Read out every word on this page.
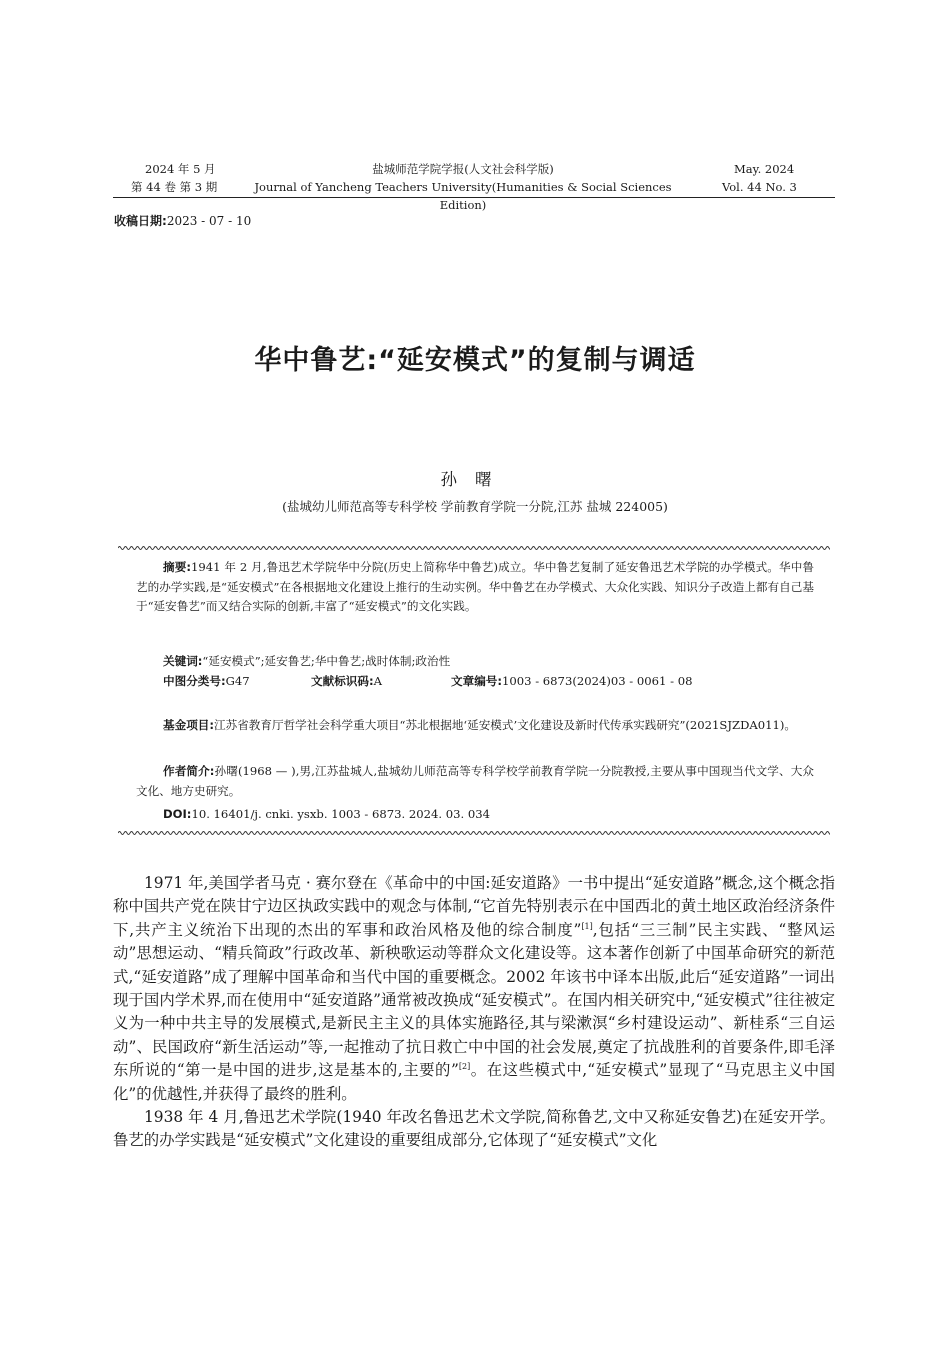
2024 年 5 月
第 44 卷 第 3 期
盐城师范学院学报(人文社会科学版)
Journal of Yancheng Teachers University(Humanities & Social Sciences Edition)
May. 2024
Vol. 44 No. 3
收稿日期:2023 - 07 - 10
华中鲁艺:“延安模式”的复制与调适
孙曙
(盐城幼儿师范高等专科学校 学前教育学院一分院,江苏 盐城 224005)
摘要:1941 年 2 月,鲁迅艺术学院华中分院(历史上简称华中鲁艺)成立。华中鲁艺复制了延安鲁迅艺术学院的办学模式。华中鲁艺的办学实践,是“延安模式”在各根据地文化建设上推行的生动实例。华中鲁艺在办学模式、大众化实践、知识分子改造上都有自己基于“延安鲁艺”而又结合实际的创新,丰富了“延安模式”的文化实践。
关键词:“延安模式”;延安鲁艺;华中鲁艺;战时体制;政治性
中图分类号:G47	文献标识码:A	文章编号:1003 - 6873(2024)03 - 0061 - 08
基金项目:江苏省教育厅哲学社会科学重大项目“苏北根据地‘延安模式’文化建设及新时代传承实践研究”(2021SJZDA011)。
作者简介:孙曙(1968 — ),男,江苏盐城人,盐城幼儿师范高等专科学校学前教育学院一分院教授,主要从事中国现当代文学、大众文化、地方史研究。
DOI:10. 16401/j. cnki. ysxb. 1003 - 6873. 2024. 03. 034

1971 年,美国学者马克 · 赛尔登在《革命中的中国:延安道路》一书中提出“延安道路”概念,这个概念指称中国共产党在陕甘宁边区执政实践中的观念与体制,“它首先特别表示在中国西北的黄土地区政治经济条件下,共产主义统治下出现的杰出的军事和政治风格及他的综合制度”[1],包括“三三制”民主实践、“整风运动”思想运动、“精兵简政”行政改革、新秧歌运动等群众文化建设等。这本著作创新了中国革命研究的新范式,“延安道路”成了理解中国革命和当代中国的重要概念。2002 年该书中译本出版,此后“延安道路”一词出现于国内学术界,而在使用中“延安道路”通常被改换成“延安模式”。在国内相关研究中,“延安模式”往往被定义为一种中共主导的发展模式,是新民主主义的具体实施路径,其与梁漱溟“乡村建设运动”、新桂系“三自运动”、民国政府“新生活运动”等,一起推动了抗日救亡中中国的社会发展,奠定了抗战胜利的首要条件,即毛泽东所说的“第一是中国的进步,这是基本的,主要的”[2]。在这些模式中,“延安模式”显现了“马克思主义中国化”的优越性,并获得了最终的胜利。

1938 年 4 月,鲁迅艺术学院(1940 年改名鲁迅艺术文学院,简称鲁艺,文中又称延安鲁艺)在延安开学。鲁艺的办学实践是“延安模式”文化建设的重要组成部分,它体现了“延安模式”文化
